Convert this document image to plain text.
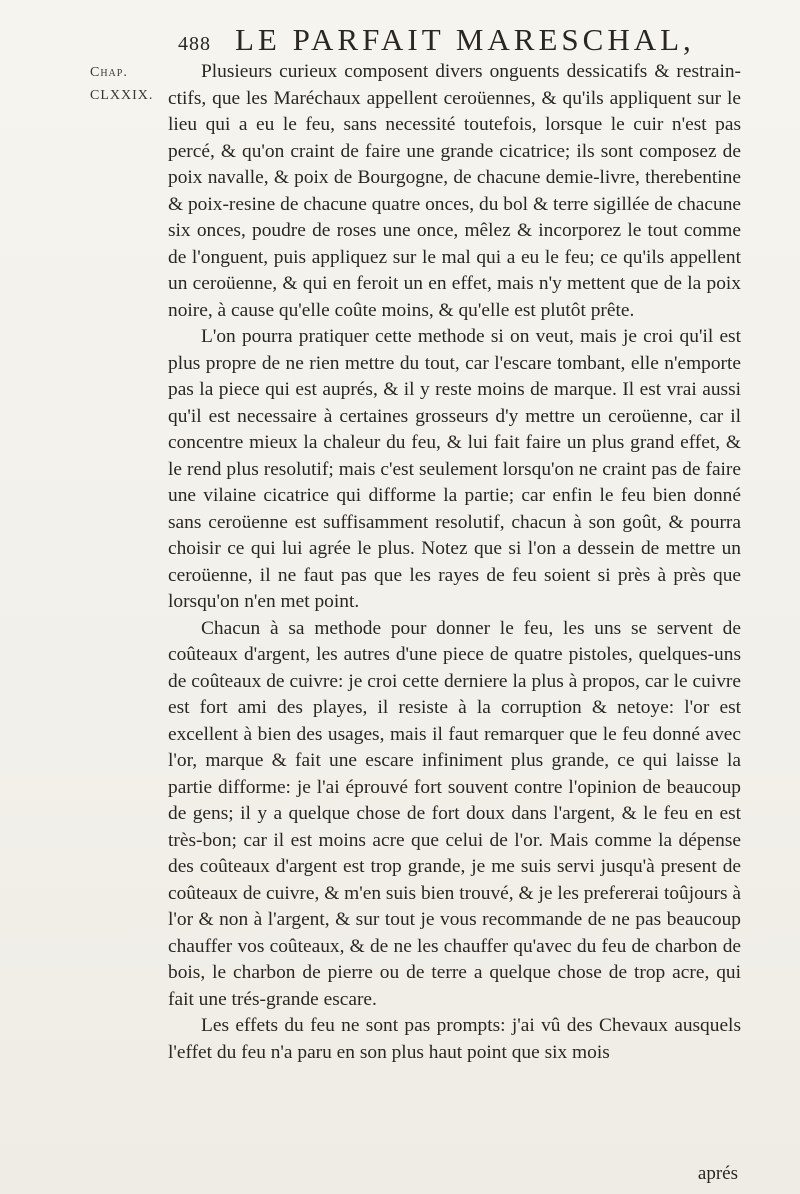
488 LE PARFAIT MARESCHAL,
Chap.
CLXXIX.

Plusieurs curieux composent divers onguents dessicatifs & restrain-ctifs, que les Maréchaux appellent ceroüennes, & qu'ils appliquent sur le lieu qui a eu le feu, sans necessité toutefois, lorsque le cuir n'est pas percé, & qu'on craint de faire une grande cicatrice; ils sont composez de poix navalle, & poix de Bourgogne, de chacune demie-livre, therebentine & poix-resine de chacune quatre onces, du bol & terre sigillée de chacune six onces, poudre de roses une once, mêlez & incorporez le tout comme de l'onguent, puis appliquez sur le mal qui a eu le feu; ce qu'ils appellent un ceroüenne, & qui en feroit un en effet, mais n'y mettent que de la poix noire, à cause qu'elle coûte moins, & qu'elle est plutôt prête.

L'on pourra pratiquer cette methode si on veut, mais je croi qu'il est plus propre de ne rien mettre du tout, car l'escare tombant, elle n'emporte pas la piece qui est auprés, & il y reste moins de marque. Il est vrai aussi qu'il est necessaire à certaines grosseurs d'y mettre un ceroüenne, car il concentre mieux la chaleur du feu, & lui fait faire un plus grand effet, & le rend plus resolutif; mais c'est seulement lorsqu'on ne craint pas de faire une vilaine cicatrice qui difforme la partie; car enfin le feu bien donné sans ceroüenne est suffisamment resolutif, chacun à son goût, & pourra choisir ce qui lui agrée le plus. Notez que si l'on a dessein de mettre un ceroüenne, il ne faut pas que les rayes de feu soient si près à près que lorsqu'on n'en met point.

Chacun à sa methode pour donner le feu, les uns se servent de coûteaux d'argent, les autres d'une piece de quatre pistoles, quelques-uns de coûteaux de cuivre: je croi cette derniere la plus à propos, car le cuivre est fort ami des playes, il resiste à la corruption & netoye: l'or est excellent à bien des usages, mais il faut remarquer que le feu donné avec l'or, marque & fait une escare infiniment plus grande, ce qui laisse la partie difforme: je l'ai éprouvé fort souvent contre l'opinion de beaucoup de gens; il y a quelque chose de fort doux dans l'argent, & le feu en est très-bon; car il est moins acre que celui de l'or. Mais comme la dépense des coûteaux d'argent est trop grande, je me suis servi jusqu'à present de coûteaux de cuivre, & m'en suis bien trouvé, & je les prefererai toûjours à l'or & non à l'argent, & sur tout je vous recommande de ne pas beaucoup chauffer vos coûteaux, & de ne les chauffer qu'avec du feu de charbon de bois, le charbon de pierre ou de terre a quelque chose de trop acre, qui fait une trés-grande escare.

Les effets du feu ne sont pas prompts: j'ai vû des Chevaux ausquels l'effet du feu n'a paru en son plus haut point que six mois

aprés
